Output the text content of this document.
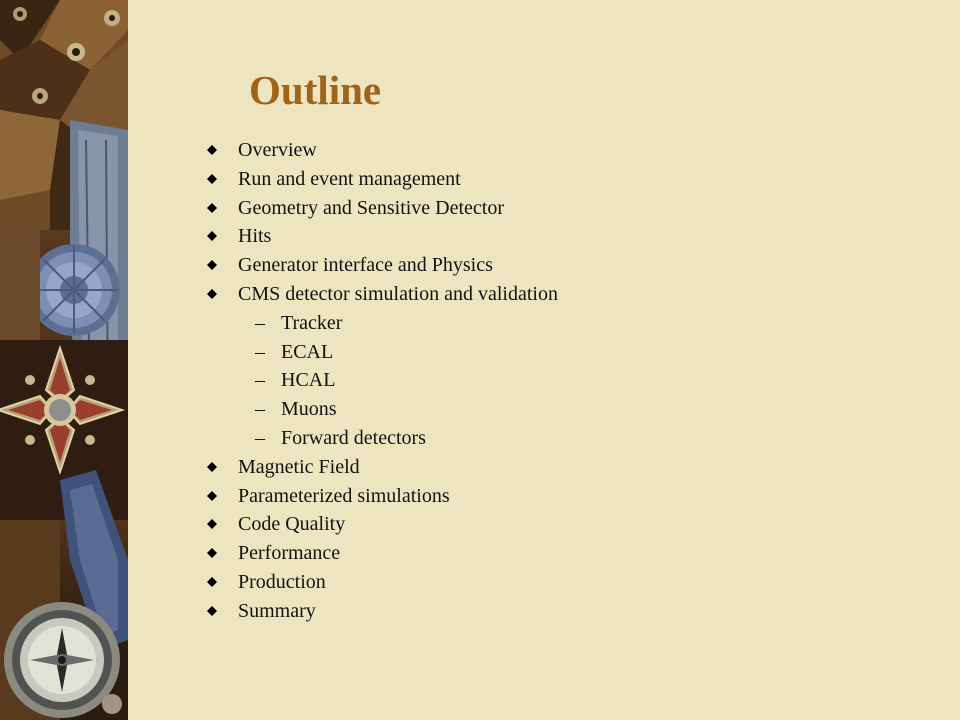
Outline
Overview
Run and event management
Geometry and Sensitive Detector
Hits
Generator interface and Physics
CMS detector simulation and validation
– Tracker
– ECAL
– HCAL
– Muons
– Forward detectors
Magnetic Field
Parameterized simulations
Code Quality
Performance
Production
Summary
